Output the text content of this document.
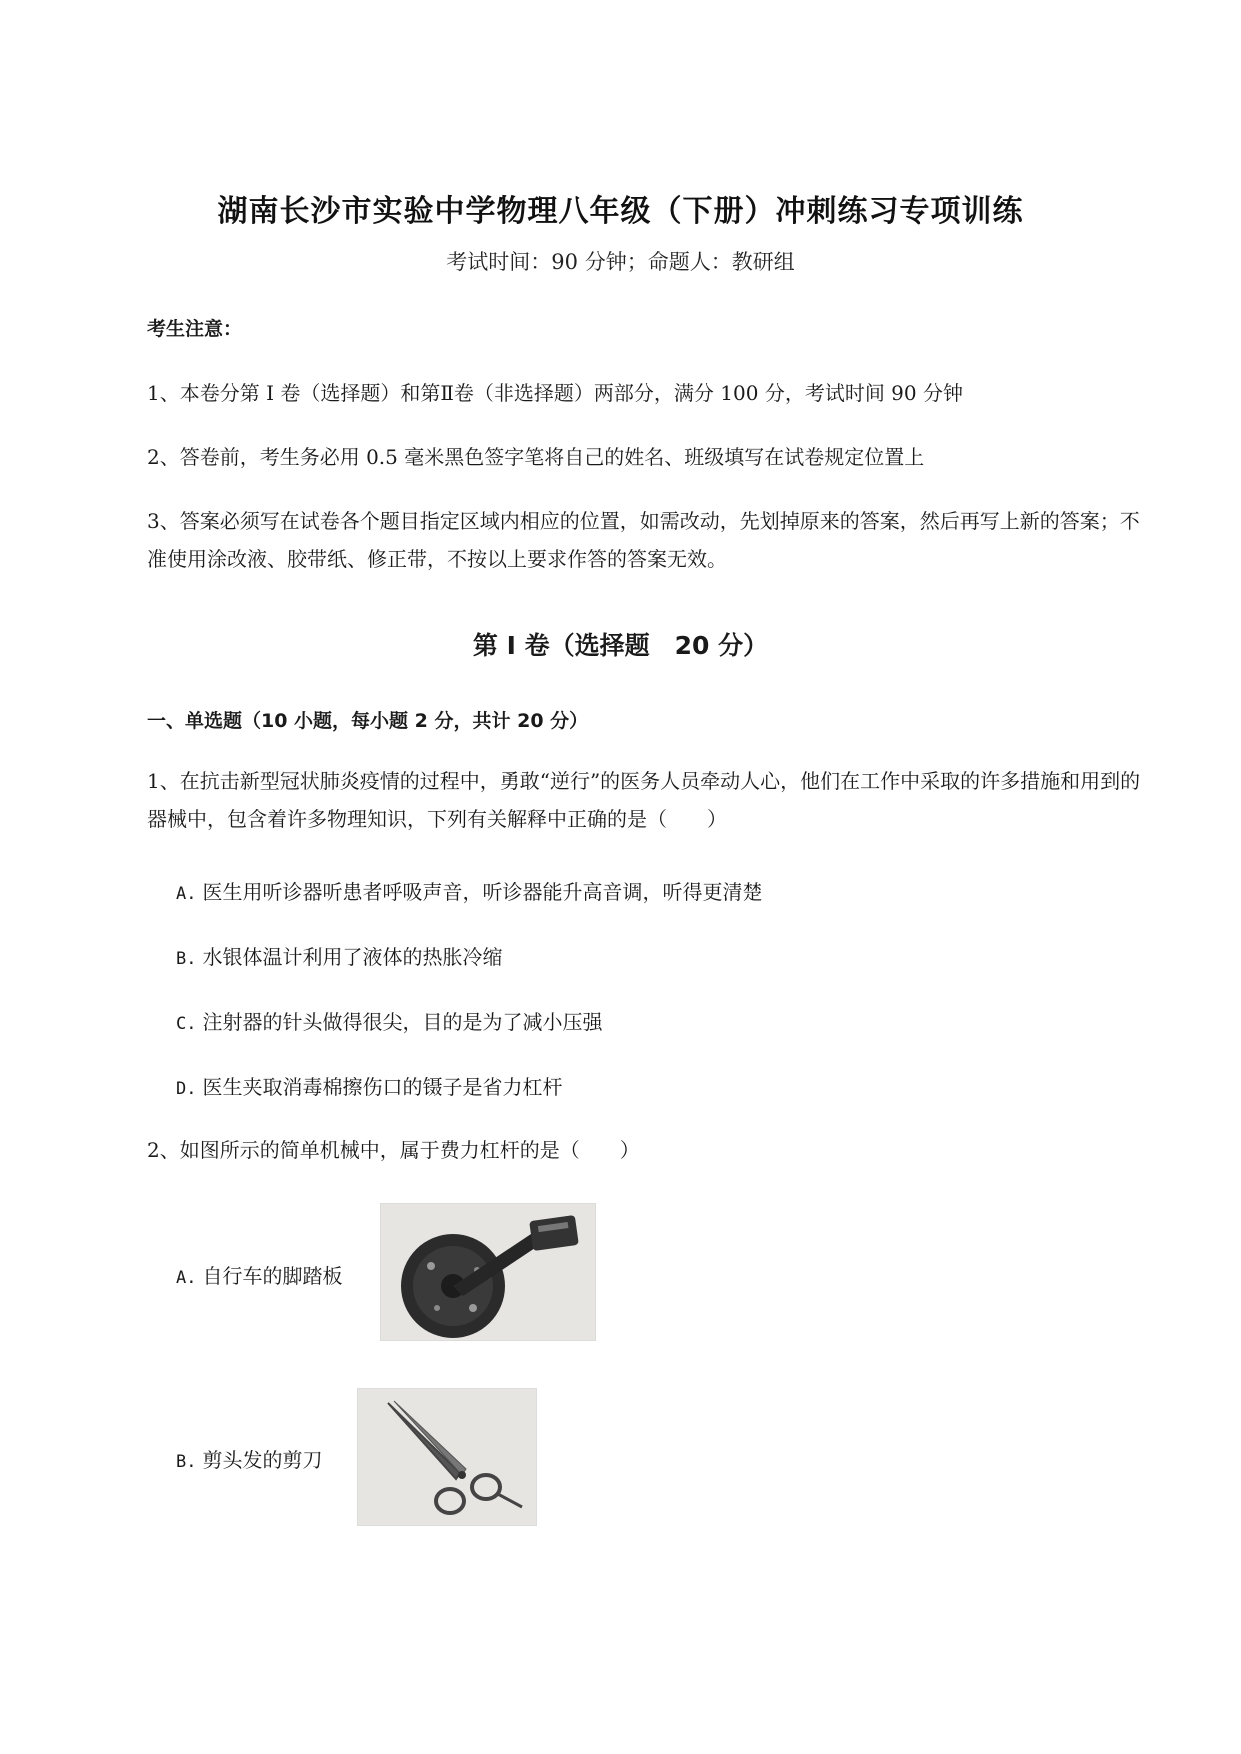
湖南长沙市实验中学物理八年级（下册）冲刺练习专项训练
考试时间：90 分钟；命题人：教研组
考生注意：
1、本卷分第 I 卷（选择题）和第Ⅱ卷（非选择题）两部分，满分 100 分，考试时间 90 分钟
2、答卷前，考生务必用 0.5 毫米黑色签字笔将自己的姓名、班级填写在试卷规定位置上
3、答案必须写在试卷各个题目指定区域内相应的位置，如需改动，先划掉原来的答案，然后再写上新的答案；不准使用涂改液、胶带纸、修正带，不按以上要求作答的答案无效。
第 I 卷（选择题　20 分）
一、单选题（10 小题，每小题 2 分，共计 20 分）
1、在抗击新型冠状肺炎疫情的过程中，勇敢“逆行”的医务人员牵动人心，他们在工作中采取的许多措施和用到的器械中，包含着许多物理知识，下列有关解释中正确的是（　　）
A. 医生用听诊器听患者呼吸声音，听诊器能升高音调，听得更清楚
B. 水银体温计利用了液体的热胀冷缩
C. 注射器的针头做得很尖，目的是为了减小压强
D. 医生夹取消毒棉擦伤口的镊子是省力杠杆
2、如图所示的简单机械中，属于费力杠杆的是（　　）
A. 自行车的脚踏板
B. 剪头发的剪刀
